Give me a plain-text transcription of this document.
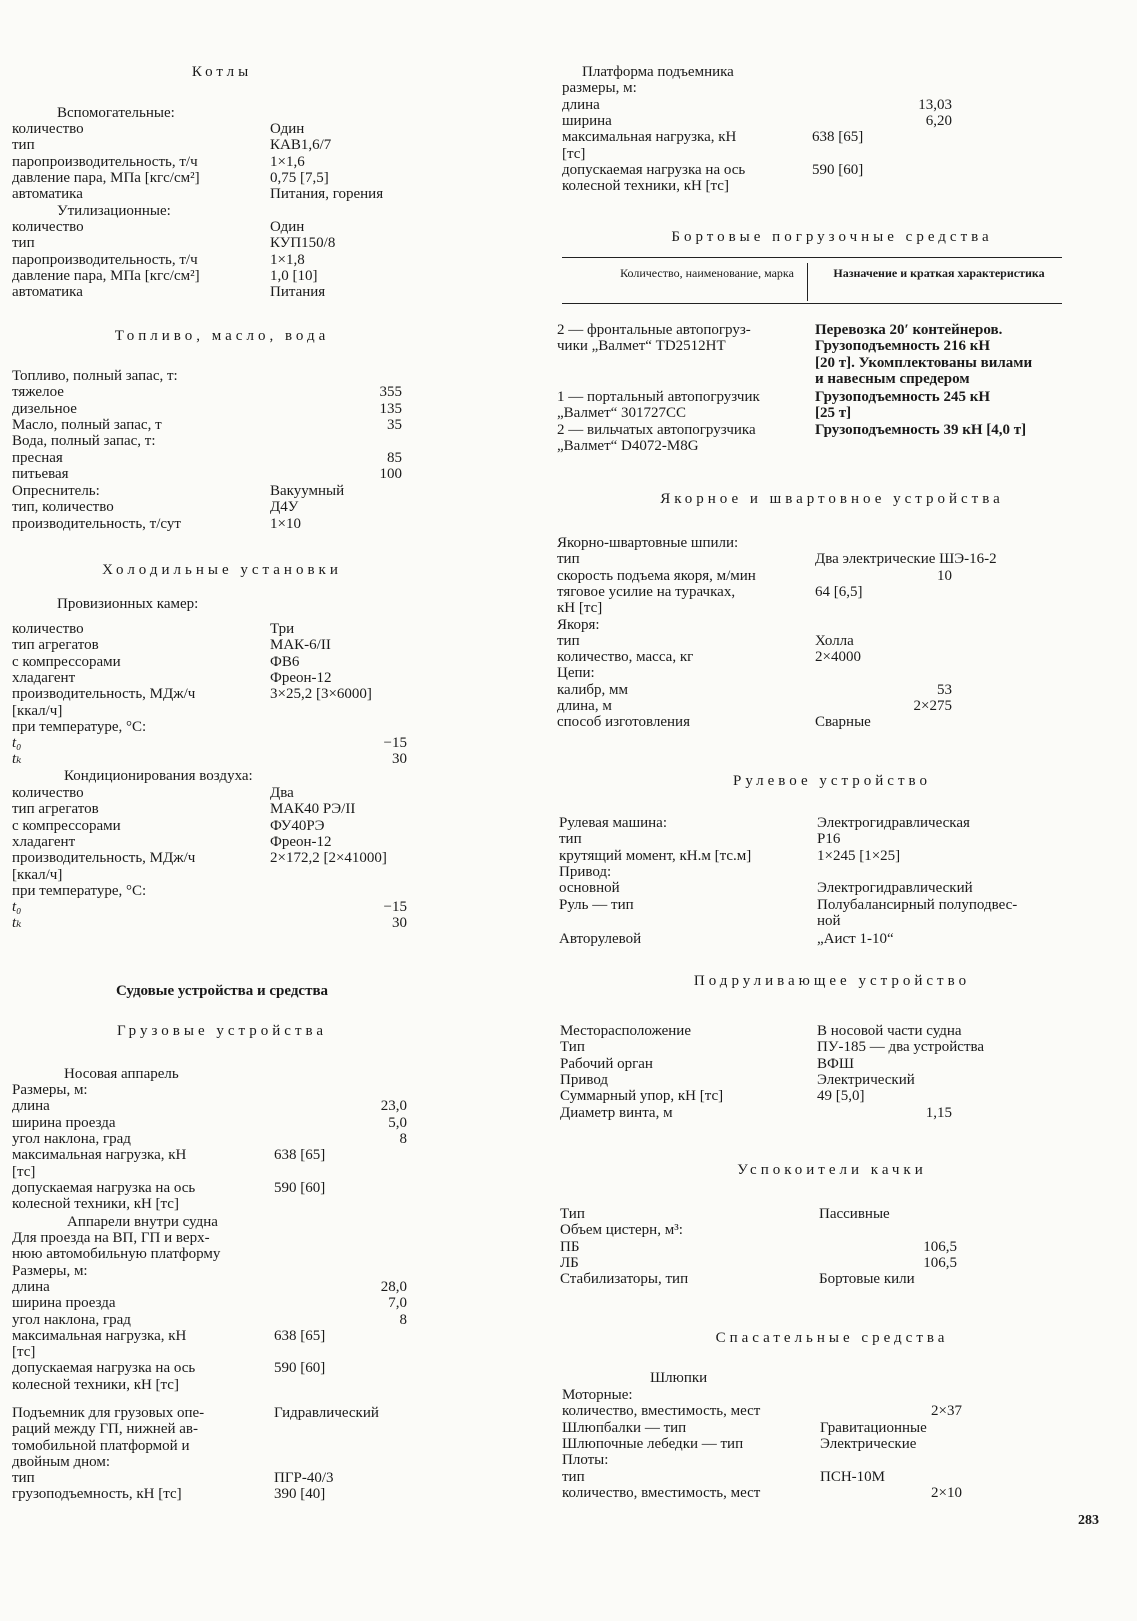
Котлы
Вспомогательные:
количество	Один
тип	КАВ1,6/7
паропроизводительность, т/ч	1×1,6
давление пара, МПа [кгс/см²]	0,75 [7,5]
автоматика	Питания, горения
Утилизационные:
количество	Один
тип	КУП150/8
паропроизводительность, т/ч	1×1,8
давление пара, МПа [кгс/см²]	1,0 [10]
автоматика	Питания
Топливо, масло, вода
Топливо, полный запас, т:
тяжелое	355
дизельное	135
Масло, полный запас, т	35
Вода, полный запас, т:
пресная	85
питьевая	100
Опреснитель:	Вакуумный
тип, количество	Д4У
производительность, т/сут	1×10
Холодильные установки
Провизионных камер:
количество	Три
тип агрегатов	МАК-6/II
с компрессорами	ФВ6
хладагент	Фреон-12
производительность, МДж/ч	3×25,2 [3×6000]
[ккал/ч]
при температуре, °С:
t₀	−15
tₖ	30
Кондиционирования воздуха:
количество	Два
тип агрегатов	МАК40 РЭ/II
с компрессорами	ФУ40РЭ
хладагент	Фреон-12
производительность, МДж/ч	2×172,2 [2×41000]
[ккал/ч]
при температуре, °С:
t₀	−15
tₖ	30
Судовые устройства и средства
Грузовые устройства
Носовая аппарель
Размеры, м:
длина	23,0
ширина проезда	5,0
угол наклона, град	8
максимальная нагрузка, кН	638 [65]
[тс]
допускаемая нагрузка на ось	590 [60]
колесной техники, кН [тс]
Аппарели внутри судна
Для проезда на ВП, ГП и верх-
нюю автомобильную платформу
Размеры, м:
длина	28,0
ширина проезда	7,0
угол наклона, град	8
максимальная нагрузка, кН	638 [65]
[тс]
допускаемая нагрузка на ось	590 [60]
колесной техники, кН [тс]
Подъемник для грузовых опе-	Гидравлический
раций между ГП, нижней ав-
томобильной платформой и
двойным дном:
тип	ПГР-40/3
грузоподъемность, кН [тс]	390 [40]
Платформа подъемника
размеры, м:
длина	13,03
ширина	6,20
максимальная нагрузка, кН	638 [65]
[тс]
допускаемая нагрузка на ось	590 [60]
колесной техники, кН [тс]
Бортовые погрузочные средства
Количество, наименование, марка	Назначение и краткая характеристика
2 — фронтальные автопогруз-	Перевозка 20′ контейнеров.
чики „Валмет“ TD2512HT	Грузоподъемность 216 кН
[20 т]. Укомплектованы вилами
и навесным спредером
1 — портальный автопогрузчик	Грузоподъемность 245 кН
„Валмет“ 301727CC	[25 т]
2 — вильчатых автопогрузчика	Грузоподъемность 39 кН [4,0 т]
„Валмет“ D4072-M8G
Якорное и швартовное устройства
Якорно-швартовные шпили:
тип	Два электрические ШЭ-16-2
скорость подъема якоря, м/мин	10
тяговое усилие на турачках,	64 [6,5]
кН [тс]
Якоря:
тип	Холла
количество, масса, кг	2×4000
Цепи:
калибр, мм	53
длина, м	2×275
способ изготовления	Сварные
Рулевое устройство
Рулевая машина:	Электрогидравлическая
тип	Р16
крутящий момент, кН.м [тс.м]	1×245 [1×25]
Привод:
основной	Электрогидравлический
Руль — тип	Полубалансирный полуподвес-
ной
Авторулевой	„Аист 1-10“
Подруливающее устройство
Месторасположение	В носовой части судна
Тип	ПУ-185 — два устройства
Рабочий орган	ВФШ
Привод	Электрический
Суммарный упор, кН [тс]	49 [5,0]
Диаметр винта, м	1,15
Успокоители качки
Тип	Пассивные
Объем цистерн, м³:
ПБ	106,5
ЛБ	106,5
Стабилизаторы, тип	Бортовые кили
Спасательные средства
Шлюпки
Моторные:
количество, вместимость, мест	2×37
Шлюпбалки — тип	Гравитационные
Шлюпочные лебедки — тип	Электрические
Плоты:
тип	ПСН-10М
количество, вместимость, мест	2×10
283
